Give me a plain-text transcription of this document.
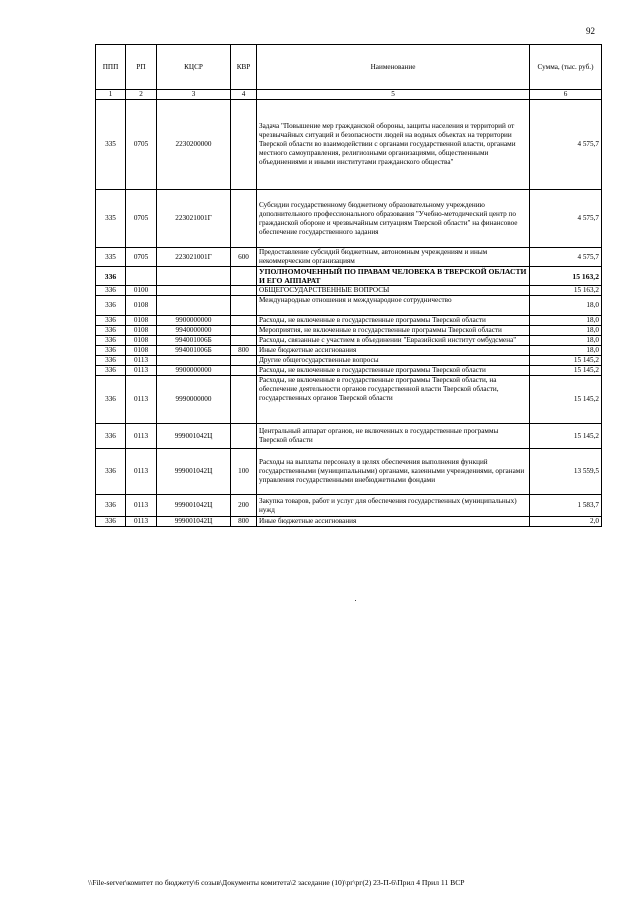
92
ППП	РП	КЦСР	КВР	Наименование	Сумма, (тыс. руб.)
1	2	3	4	5	6
335	0705	2230200000		Задача "Повышение мер гражданской обороны, защиты населения и территорий от чрезвычайных ситуаций и безопасности людей на водных объектах на территории Тверской области во взаимодействии с органами государственной власти, органами местного самоуправления, религиозными организациями, общественными объединениями и иными институтами гражданского общества"	4 575,7
335	0705	223021001Г		Субсидии государственному бюджетному образовательному учреждению дополнительного профессионального образования "Учебно-методический центр по гражданской обороне и чрезвычайным ситуациям Тверской области" на финансовое обеспечение государственного задания	4 575,7
335	0705	223021001Г	600	Предоставление субсидий бюджетным, автономным учреждениям и иным некоммерческим организациям	4 575,7
336				УПОЛНОМОЧЕННЫЙ ПО ПРАВАМ ЧЕЛОВЕКА В ТВЕРСКОЙ ОБЛАСТИ И ЕГО АППАРАТ	15 163,2
336	0100			ОБЩЕГОСУДАРСТВЕННЫЕ ВОПРОСЫ	15 163,2
336	0108			Международные отношения и международное сотрудничество	18,0
336	0108	9900000000		Расходы, не включенные в государственные программы Тверской области	18,0
336	0108	9940000000		Мероприятия, не включенные в государственные программы Тверской области	18,0
336	0108	994001006Б		Расходы, связанные с участием в объединении "Евразийский институт омбудсмена"	18,0
336	0108	994001006Б	800	Иные бюджетные ассигнования	18,0
336	0113			Другие общегосударственные вопросы	15 145,2
336	0113	9900000000		Расходы, не включенные в государственные программы Тверской области	15 145,2
336	0113	9990000000		Расходы, не включенные в государственные программы Тверской области, на обеспечение деятельности органов государственной власти Тверской области, государственных органов Тверской области	15 145,2
336	0113	999001042Ц		Центральный аппарат органов, не включенных в государственные программы Тверской области	15 145,2
336	0113	999001042Ц	100	Расходы на выплаты персоналу в целях обеспечения выполнения функций государственными (муниципальными) органами, казенными учреждениями, органами управления государственными внебюджетными фондами	13 559,5
336	0113	999001042Ц	200	Закупка товаров, работ и услуг для обеспечения государственных (муниципальных) нужд	1 583,7
336	0113	999001042Ц	800	Иные бюджетные ассигнования	2,0
\\File-server\комитет по бюджету\6 созыв\Документы комитета\2 заседание (10)\рг\рг(2) 23-П-6\Прил 4 Прил 11 ВСР
